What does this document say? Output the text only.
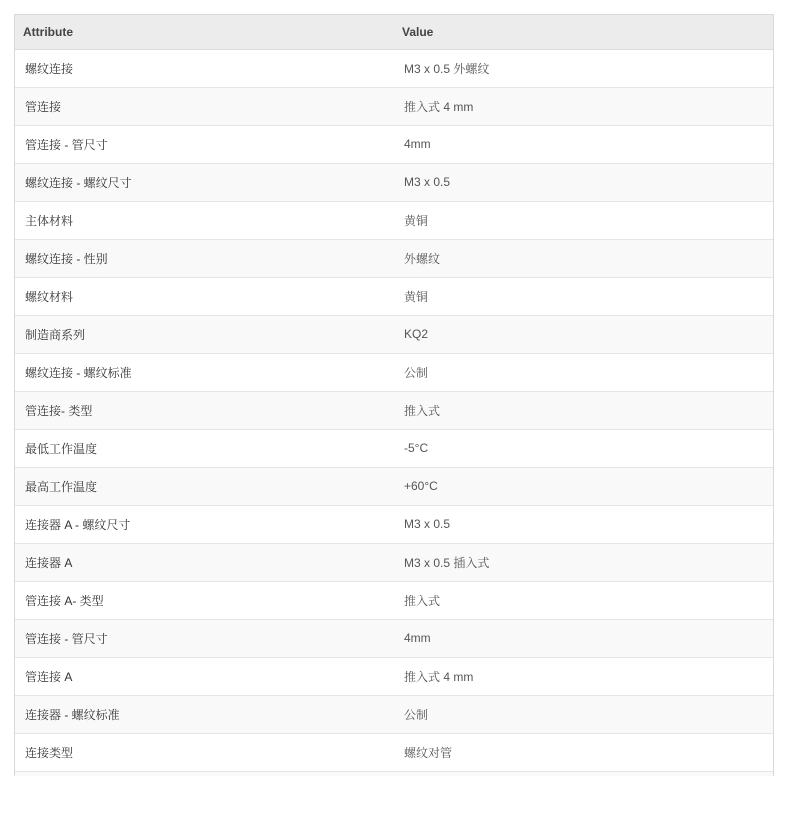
Attribute	Value
螺纹连接	M3 x 0.5 外螺纹
管连接	推入式 4 mm
管连接 - 管尺寸	4mm
螺纹连接 - 螺纹尺寸	M3 x 0.5
主体材料	黄铜
螺纹连接 - 性别	外螺纹
螺纹材料	黄铜
制造商系列	KQ2
螺纹连接 - 螺纹标准	公制
管连接- 类型	推入式
最低工作温度	-5°C
最高工作温度	+60°C
连接器 A - 螺纹尺寸	M3 x 0.5
连接器 A	M3 x 0.5 插入式
管连接 A- 类型	推入式
管连接 - 管尺寸	4mm
管连接 A	推入式 4 mm
连接器 - 螺纹标准	公制
连接类型	螺纹对管
